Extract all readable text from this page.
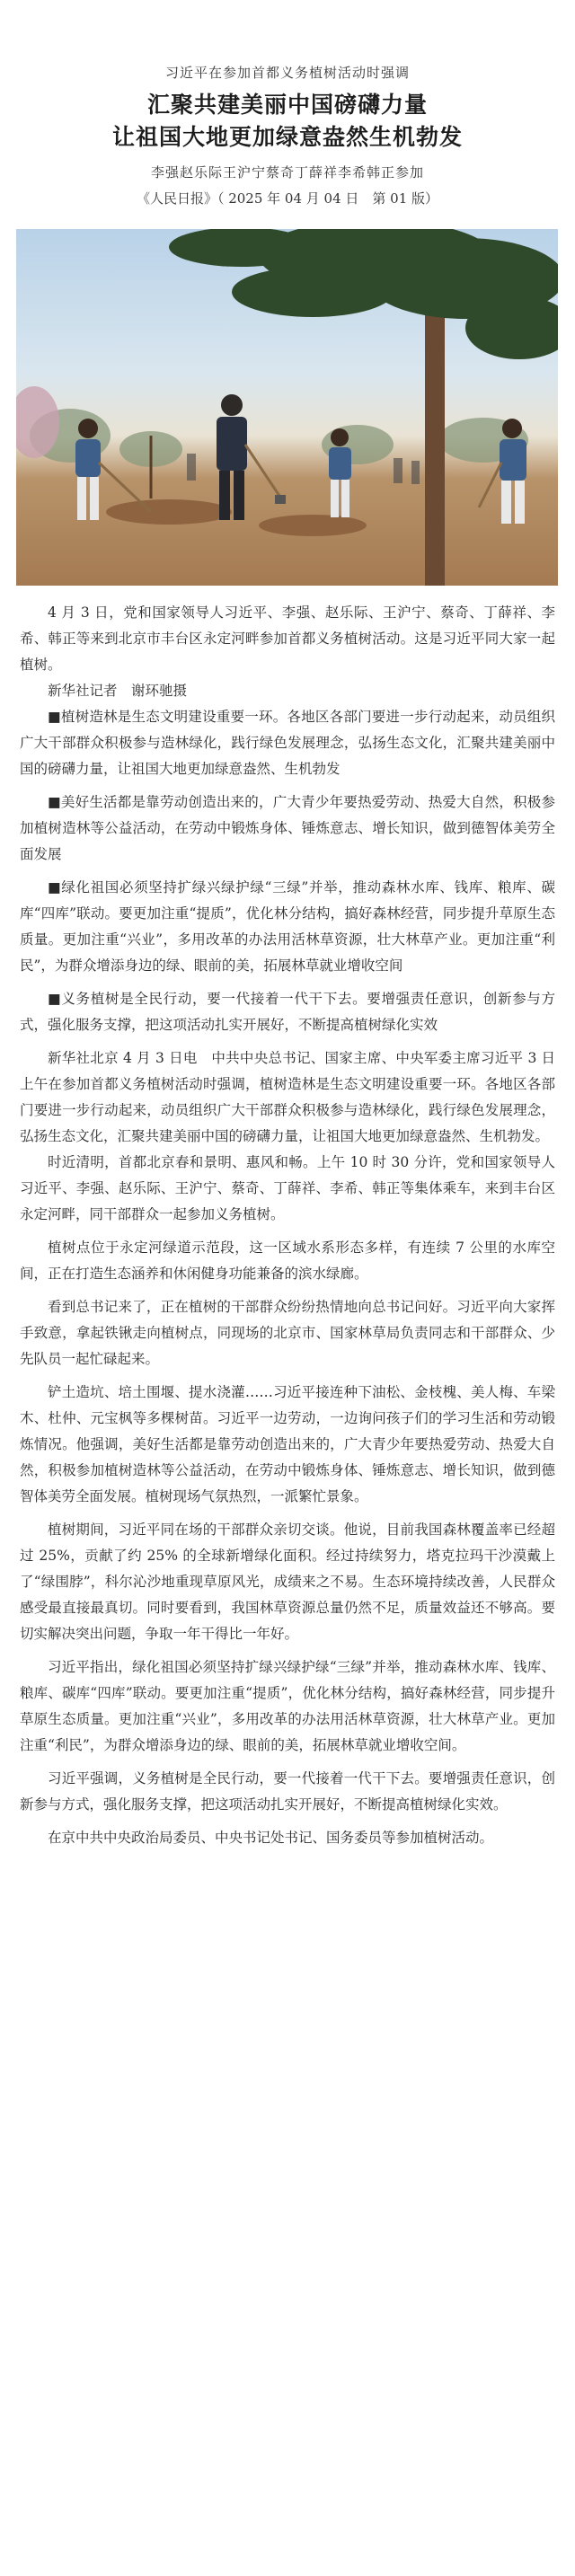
习近平在参加首都义务植树活动时强调

汇聚共建美丽中国磅礴力量

让祖国大地更加绿意盎然生机勃发

李强赵乐际王沪宁蔡奇丁薛祥李希韩正参加

《人民日报》（ 2025 年 04 月 04 日　第 01 版）

4 月 3 日，党和国家领导人习近平、李强、赵乐际、王沪宁、蔡奇、丁薛祥、李希、韩正等来到北京市丰台区永定河畔参加首都义务植树活动。这是习近平同大家一起植树。

新华社记者　谢环驰摄

■植树造林是生态文明建设重要一环。各地区各部门要进一步行动起来，动员组织广大干部群众积极参与造林绿化，践行绿色发展理念，弘扬生态文化，汇聚共建美丽中国的磅礴力量，让祖国大地更加绿意盎然、生机勃发

■美好生活都是靠劳动创造出来的，广大青少年要热爱劳动、热爱大自然，积极参加植树造林等公益活动，在劳动中锻炼身体、锤炼意志、增长知识，做到德智体美劳全面发展

■绿化祖国必须坚持扩绿兴绿护绿“三绿”并举，推动森林水库、钱库、粮库、碳库“四库”联动。要更加注重“提质”，优化林分结构，搞好森林经营，同步提升草原生态质量。更加注重“兴业”，多用改革的办法用活林草资源，壮大林草产业。更加注重“利民”，为群众增添身边的绿、眼前的美，拓展林草就业增收空间

■义务植树是全民行动，要一代接着一代干下去。要增强责任意识，创新参与方式，强化服务支撑，把这项活动扎实开展好，不断提高植树绿化实效

新华社北京 4 月 3 日电　中共中央总书记、国家主席、中央军委主席习近平 3 日上午在参加首都义务植树活动时强调，植树造林是生态文明建设重要一环。各地区各部门要进一步行动起来，动员组织广大干部群众积极参与造林绿化，践行绿色发展理念，弘扬生态文化，汇聚共建美丽中国的磅礴力量，让祖国大地更加绿意盎然、生机勃发。

时近清明，首都北京春和景明、惠风和畅。上午 10 时 30 分许，党和国家领导人习近平、李强、赵乐际、王沪宁、蔡奇、丁薛祥、李希、韩正等集体乘车，来到丰台区永定河畔，同干部群众一起参加义务植树。

植树点位于永定河绿道示范段，这一区域水系形态多样，有连续 7 公里的水库空间，正在打造生态涵养和休闲健身功能兼备的滨水绿廊。

看到总书记来了，正在植树的干部群众纷纷热情地向总书记问好。习近平向大家挥手致意，拿起铁锹走向植树点，同现场的北京市、国家林草局负责同志和干部群众、少先队员一起忙碌起来。

铲土造坑、培土围堰、提水浇灌……习近平接连种下油松、金枝槐、美人梅、车梁木、杜仲、元宝枫等多棵树苗。习近平一边劳动，一边询问孩子们的学习生活和劳动锻炼情况。他强调，美好生活都是靠劳动创造出来的，广大青少年要热爱劳动、热爱大自然，积极参加植树造林等公益活动，在劳动中锻炼身体、锤炼意志、增长知识，做到德智体美劳全面发展。植树现场气氛热烈，一派繁忙景象。

植树期间，习近平同在场的干部群众亲切交谈。他说，目前我国森林覆盖率已经超过 25%，贡献了约 25% 的全球新增绿化面积。经过持续努力，塔克拉玛干沙漠戴上了“绿围脖”，科尔沁沙地重现草原风光，成绩来之不易。生态环境持续改善，人民群众感受最直接最真切。同时要看到，我国林草资源总量仍然不足，质量效益还不够高。要切实解决突出问题，争取一年干得比一年好。

习近平指出，绿化祖国必须坚持扩绿兴绿护绿“三绿”并举，推动森林水库、钱库、粮库、碳库“四库”联动。要更加注重“提质”，优化林分结构，搞好森林经营，同步提升草原生态质量。更加注重“兴业”，多用改革的办法用活林草资源，壮大林草产业。更加注重“利民”，为群众增添身边的绿、眼前的美，拓展林草就业增收空间。

习近平强调，义务植树是全民行动，要一代接着一代干下去。要增强责任意识，创新参与方式，强化服务支撑，把这项活动扎实开展好，不断提高植树绿化实效。

在京中共中央政治局委员、中央书记处书记、国务委员等参加植树活动。
